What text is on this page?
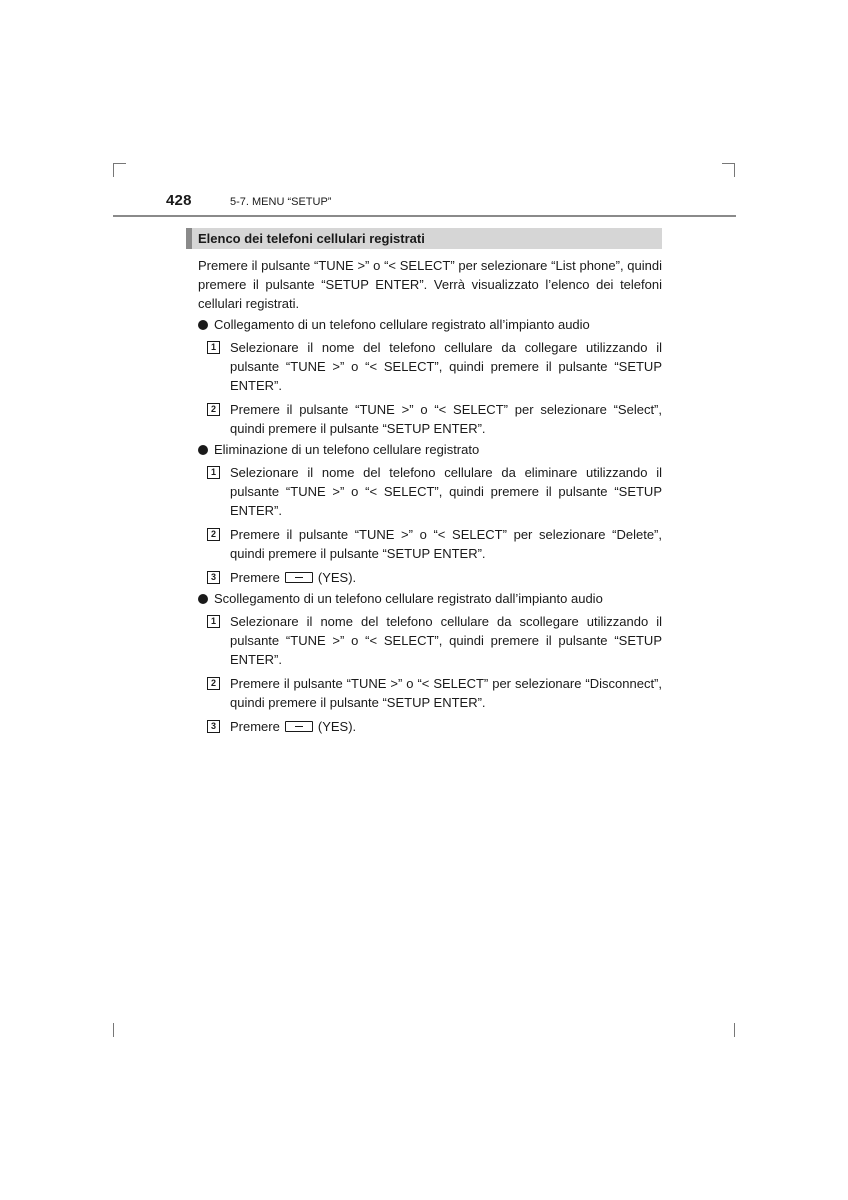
428	5-7. MENU “SETUP”
Elenco dei telefoni cellulari registrati
Premere il pulsante “TUNE >” o “< SELECT” per selezionare “List phone”, quindi premere il pulsante “SETUP ENTER”. Verrà visualizzato l’elenco dei telefoni cellulari registrati.
Collegamento di un telefono cellulare registrato all’impianto audio
1	Selezionare il nome del telefono cellulare da collegare utilizzando il pulsante “TUNE >” o “< SELECT”, quindi premere il pulsante “SETUP ENTER”.
2	Premere il pulsante “TUNE >” o “< SELECT” per selezionare “Select”, quindi premere il pulsante “SETUP ENTER”.
Eliminazione di un telefono cellulare registrato
1	Selezionare il nome del telefono cellulare da eliminare utilizzando il pulsante “TUNE >” o “< SELECT”, quindi premere il pulsante “SETUP ENTER”.
2	Premere il pulsante “TUNE >” o “< SELECT” per selezionare “Delete”, quindi premere il pulsante “SETUP ENTER”.
3	Premere	(YES).
Scollegamento di un telefono cellulare registrato dall’impianto audio
1	Selezionare il nome del telefono cellulare da scollegare utilizzando il pulsante “TUNE >” o “< SELECT”, quindi premere il pulsante “SETUP ENTER”.
2	Premere il pulsante “TUNE >” o “< SELECT” per selezionare “Disconnect”, quindi premere il pulsante “SETUP ENTER”.
3	Premere	(YES).
